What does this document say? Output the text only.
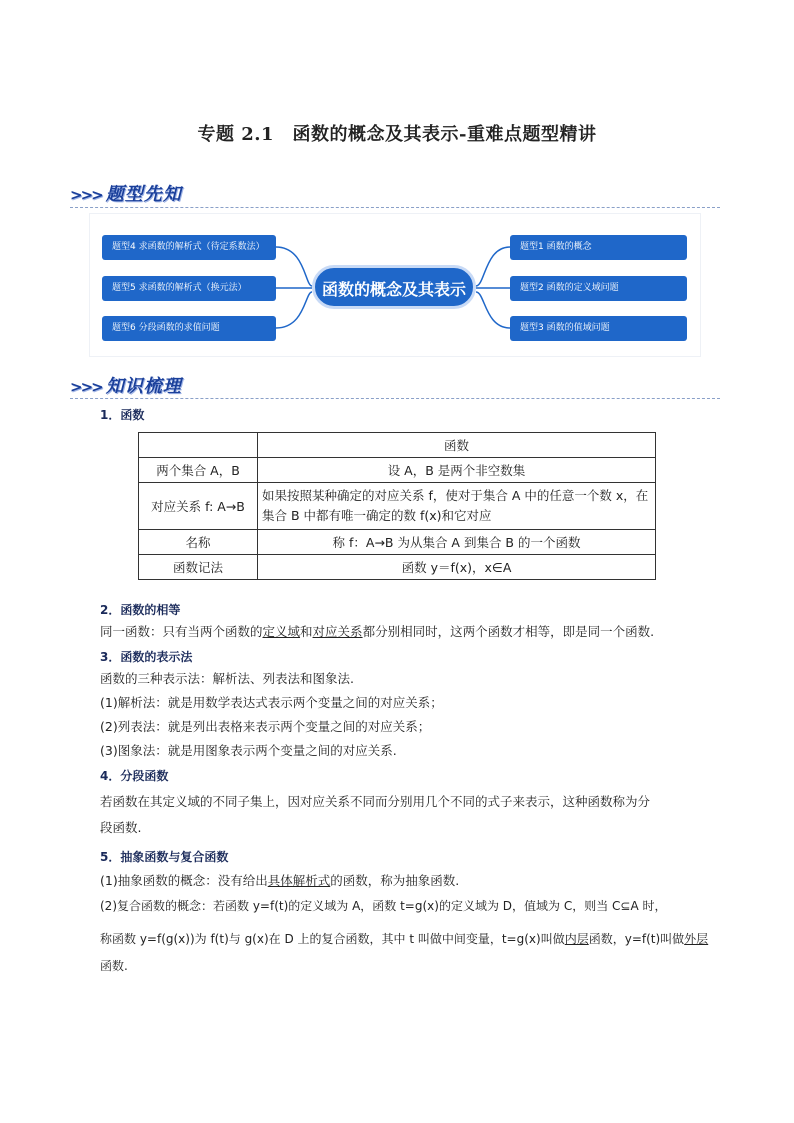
专题 2.1　函数的概念及其表示-重难点题型精讲
>>> 题型先知
题型4 求函数的解析式（待定系数法）
题型5 求函数的解析式（换元法）
题型6 分段函数的求值问题
函数的概念及其表示
题型1 函数的概念
题型2 函数的定义域问题
题型3 函数的值域问题
>>> 知识梳理
1．函数
	函数
两个集合 A，B	设 A，B 是两个非空数集
对应关系 f: A→B	如果按照某种确定的对应关系 f，使对于集合 A 中的任意一个数 x，在集合 B 中都有唯一确定的数 f(x)和它对应
名称	称 f：A→B 为从集合 A 到集合 B 的一个函数
函数记法	函数 y＝f(x)，x∈A
2．函数的相等
同一函数：只有当两个函数的定义域和对应关系都分别相同时，这两个函数才相等，即是同一个函数.
3．函数的表示法
函数的三种表示法：解析法、列表法和图象法.
(1)解析法：就是用数学表达式表示两个变量之间的对应关系；
(2)列表法：就是列出表格来表示两个变量之间的对应关系；
(3)图象法：就是用图象表示两个变量之间的对应关系.
4．分段函数
若函数在其定义域的不同子集上，因对应关系不同而分别用几个不同的式子来表示，这种函数称为分
段函数.
5．抽象函数与复合函数
(1)抽象函数的概念：没有给出具体解析式的函数，称为抽象函数.
(2)复合函数的概念：若函数 y=f(t)的定义域为 A，函数 t=g(x)的定义域为 D，值域为 C，则当 C⊆A 时，
称函数 y=f(g(x))为 f(t)与 g(x)在 D 上的复合函数，其中 t 叫做中间变量，t=g(x)叫做内层函数，y=f(t)叫做外层
函数.
